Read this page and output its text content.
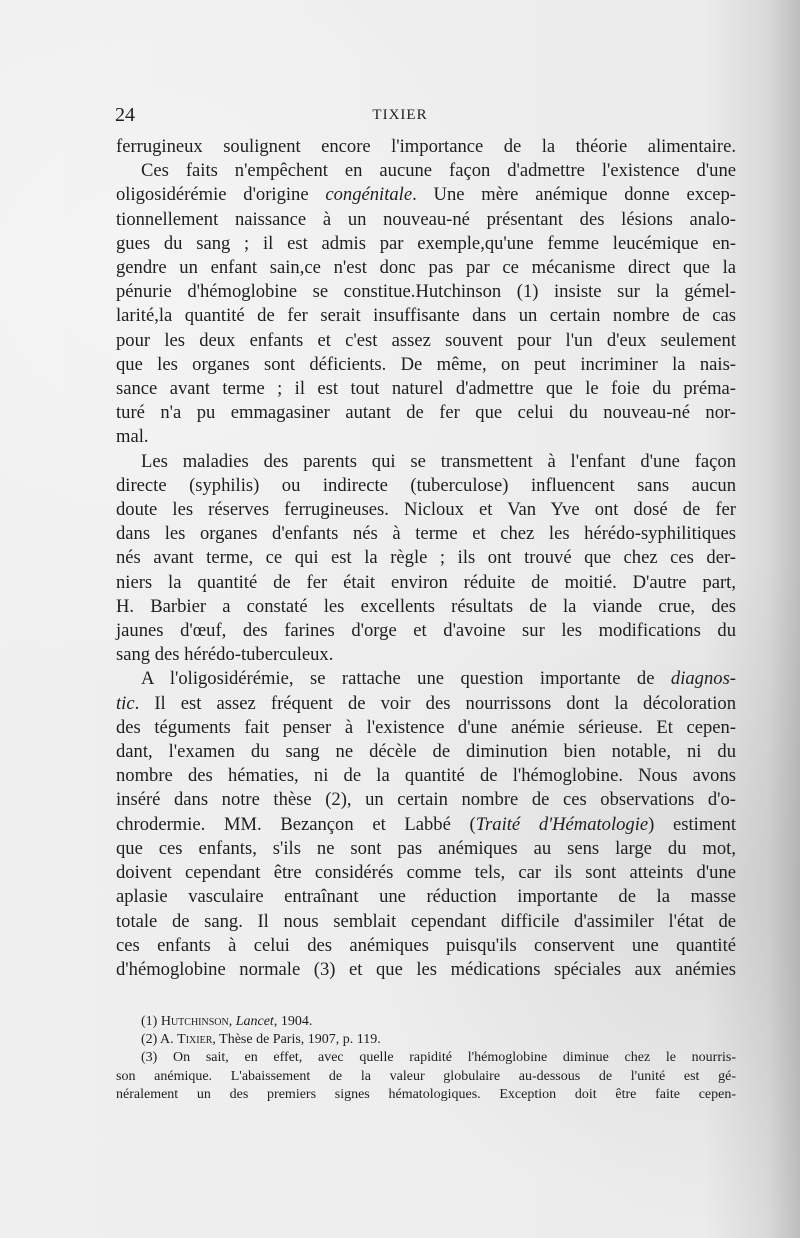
24	TIXIER

ferrugineux soulignent encore l'importance de la théorie alimentaire.
Ces faits n'empêchent en aucune façon d'admettre l'existence d'une
oligosidérémie d'origine congénitale. Une mère anémique donne excep-
tionnellement naissance à un nouveau-né présentant des lésions analo-
gues du sang ; il est admis par exemple,qu'une femme leucémique en-
gendre un enfant sain,ce n'est donc pas par ce mécanisme direct que la
pénurie d'hémoglobine se constitue.Hutchinson (1) insiste sur la gémel-
larité,la quantité de fer serait insuffisante dans un certain nombre de cas
pour les deux enfants et c'est assez souvent pour l'un d'eux seulement
que les organes sont déficients. De même, on peut incriminer la nais-
sance avant terme ; il est tout naturel d'admettre que le foie du préma-
turé n'a pu emmagasiner autant de fer que celui du nouveau-né nor-
mal.

Les maladies des parents qui se transmettent à l'enfant d'une façon
directe (syphilis) ou indirecte (tuberculose) influencent sans aucun
doute les réserves ferrugineuses. Nicloux et Van Yve ont dosé de fer
dans les organes d'enfants nés à terme et chez les hérédo-syphilitiques
nés avant terme, ce qui est la règle ; ils ont trouvé que chez ces der-
niers la quantité de fer était environ réduite de moitié. D'autre part,
H. Barbier a constaté les excellents résultats de la viande crue, des
jaunes d'œuf, des farines d'orge et d'avoine sur les modifications du
sang des hérédo-tuberculeux.

A l'oligosidérémie, se rattache une question importante de diagnos-
tic. Il est assez fréquent de voir des nourrissons dont la décoloration
des téguments fait penser à l'existence d'une anémie sérieuse. Et cepen-
dant, l'examen du sang ne décèle de diminution bien notable, ni du
nombre des hématies, ni de la quantité de l'hémoglobine. Nous avons
inséré dans notre thèse (2), un certain nombre de ces observations d'o-
chrodermie. MM. Bezançon et Labbé (Traité d'Hématologie) estiment
que ces enfants, s'ils ne sont pas anémiques au sens large du mot,
doivent cependant être considérés comme tels, car ils sont atteints d'une
aplasie vasculaire entraînant une réduction importante de la masse
totale de sang. Il nous semblait cependant difficile d'assimiler l'état de
ces enfants à celui des anémiques puisqu'ils conservent une quantité
d'hémoglobine normale (3) et que les médications spéciales aux anémies

(1) Hutchinson, Lancet, 1904.

(2) A. Tixier, Thèse de Paris, 1907, p. 119.

(3) On sait, en effet, avec quelle rapidité l'hémoglobine diminue chez le nourris-
son anémique. L'abaissement de la valeur globulaire au-dessous de l'unité est gé-
néralement un des premiers signes hématologiques. Exception doit être faite cepen-
